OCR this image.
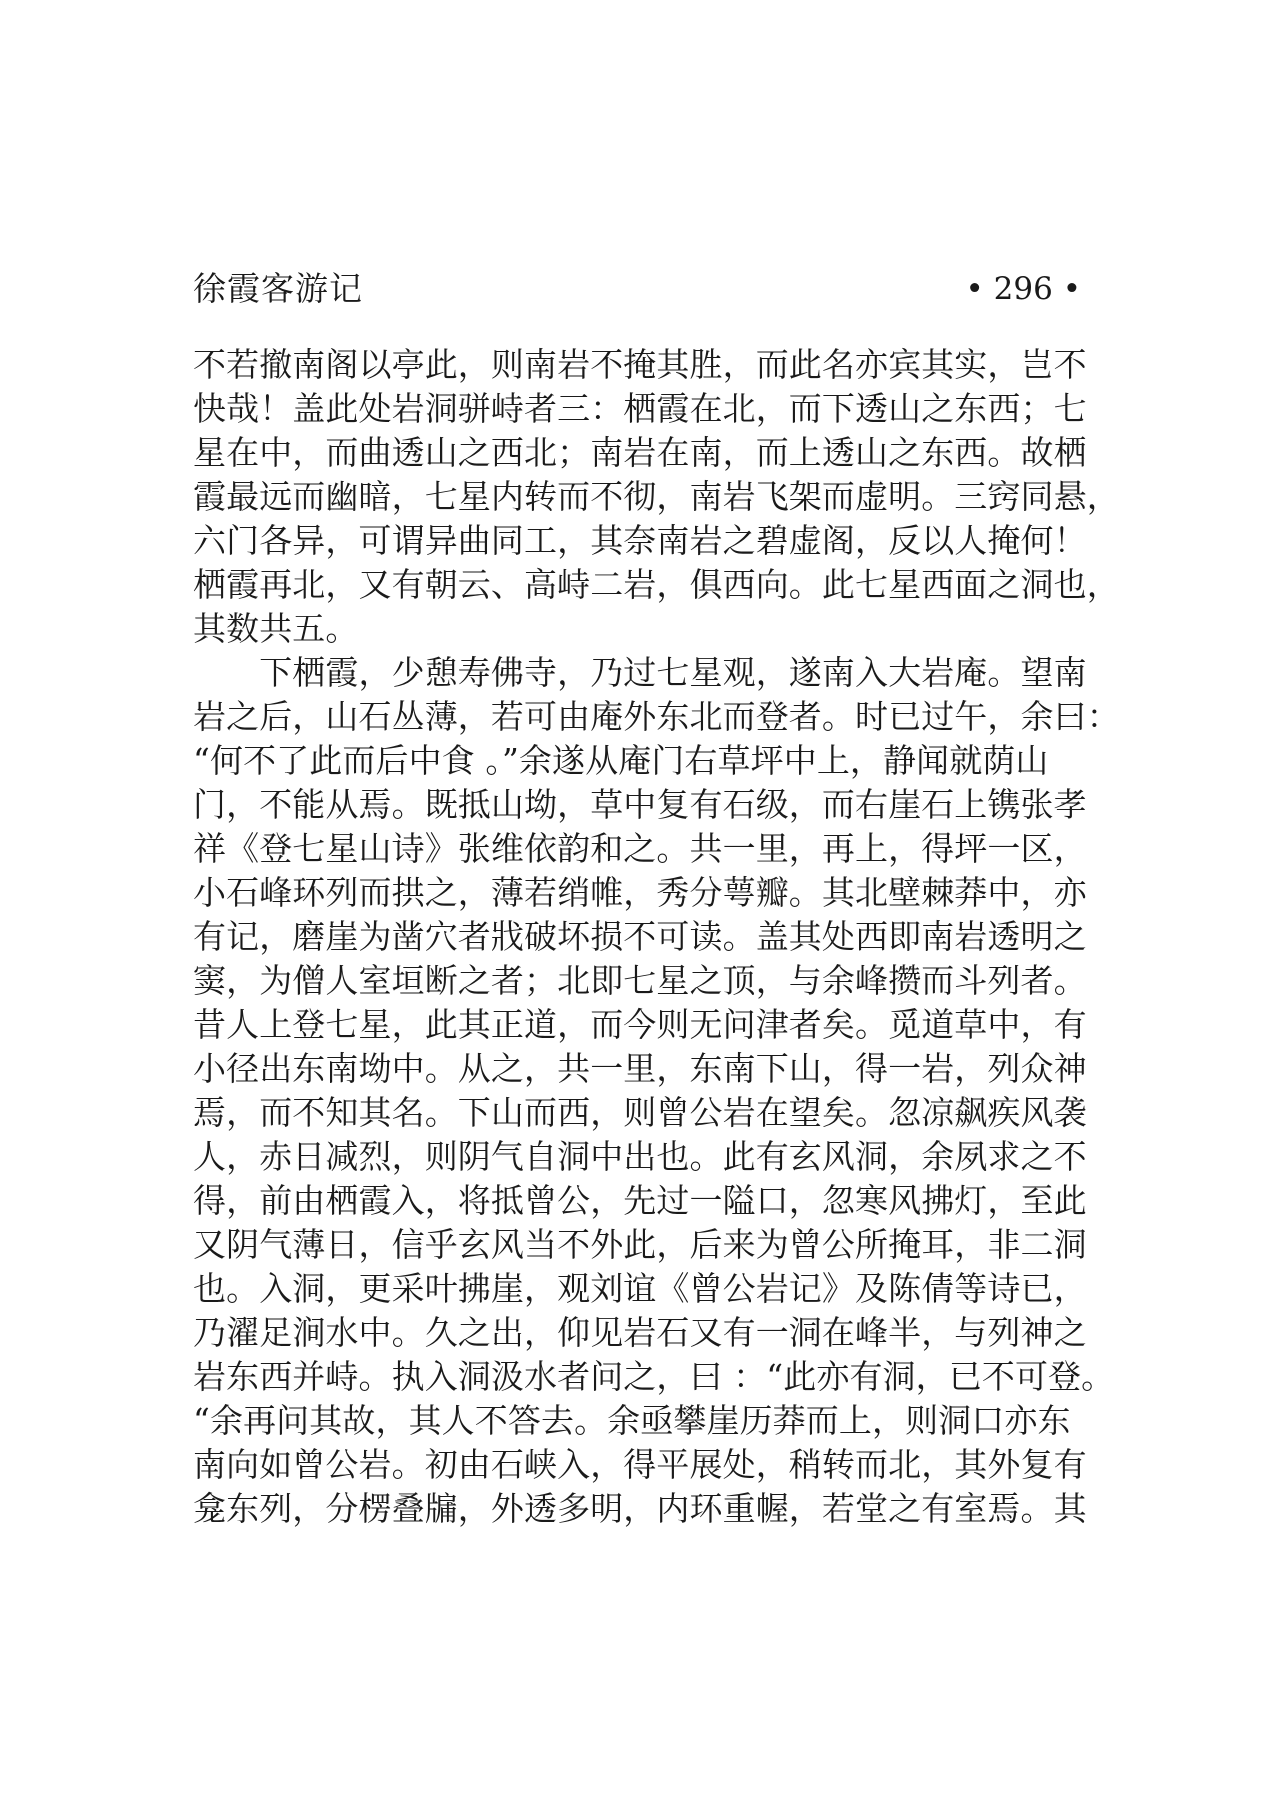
徐霞客游记	• 296 •
不若撤南阁以亭此，则南岩不掩其胜，而此名亦宾其实，岂不
快哉！盖此处岩洞骈峙者三：栖霞在北，而下透山之东西；七
星在中，而曲透山之西北；南岩在南，而上透山之东西。故栖
霞最远而幽暗，七星内转而不彻，南岩飞架而虚明。三窍同悬，
六门各异，可谓异曲同工，其奈南岩之碧虚阁，反以人掩何！
栖霞再北，又有朝云、高峙二岩，俱西向。此七星西面之洞也，
其数共五。
　　下栖霞，少憩寿佛寺，乃过七星观，遂南入大岩庵。望南
岩之后，山石丛薄，若可由庵外东北而登者。时已过午，余曰：
“何不了此而后中食 。”余遂从庵门右草坪中上，静闻就荫山
门，不能从焉。既抵山坳，草中复有石级，而右崖石上镌张孝
祥《登七星山诗》张维依韵和之。共一里，再上，得坪一区，
小石峰环列而拱之，薄若绡帷，秀分萼瓣。其北壁棘莽中，亦
有记，磨崖为凿穴者戕破坏损不可读。盖其处西即南岩透明之
窦，为僧人室垣断之者；北即七星之顶，与余峰攒而斗列者。
昔人上登七星，此其正道，而今则无问津者矣。觅道草中，有
小径出东南坳中。从之，共一里，东南下山，得一岩，列众神
焉，而不知其名。下山而西，则曾公岩在望矣。忽凉飙疾风袭
人，赤日减烈，则阴气自洞中出也。此有玄风洞，余夙求之不
得，前由栖霞入，将抵曾公，先过一隘口，忽寒风拂灯，至此
又阴气薄日，信乎玄风当不外此，后来为曾公所掩耳，非二洞
也。入洞，更采叶拂崖，观刘谊《曾公岩记》及陈倩等诗已，
乃濯足涧水中。久之出，仰见岩石又有一洞在峰半，与列神之
岩东西并峙。执入洞汲水者问之，曰 ：“此亦有洞，已不可登。
“余再问其故，其人不答去。余亟攀崖历莽而上，则洞口亦东
南向如曾公岩。初由石峡入，得平展处，稍转而北，其外复有
龛东列，分楞叠牖，外透多明，内环重幄，若堂之有室焉。其
